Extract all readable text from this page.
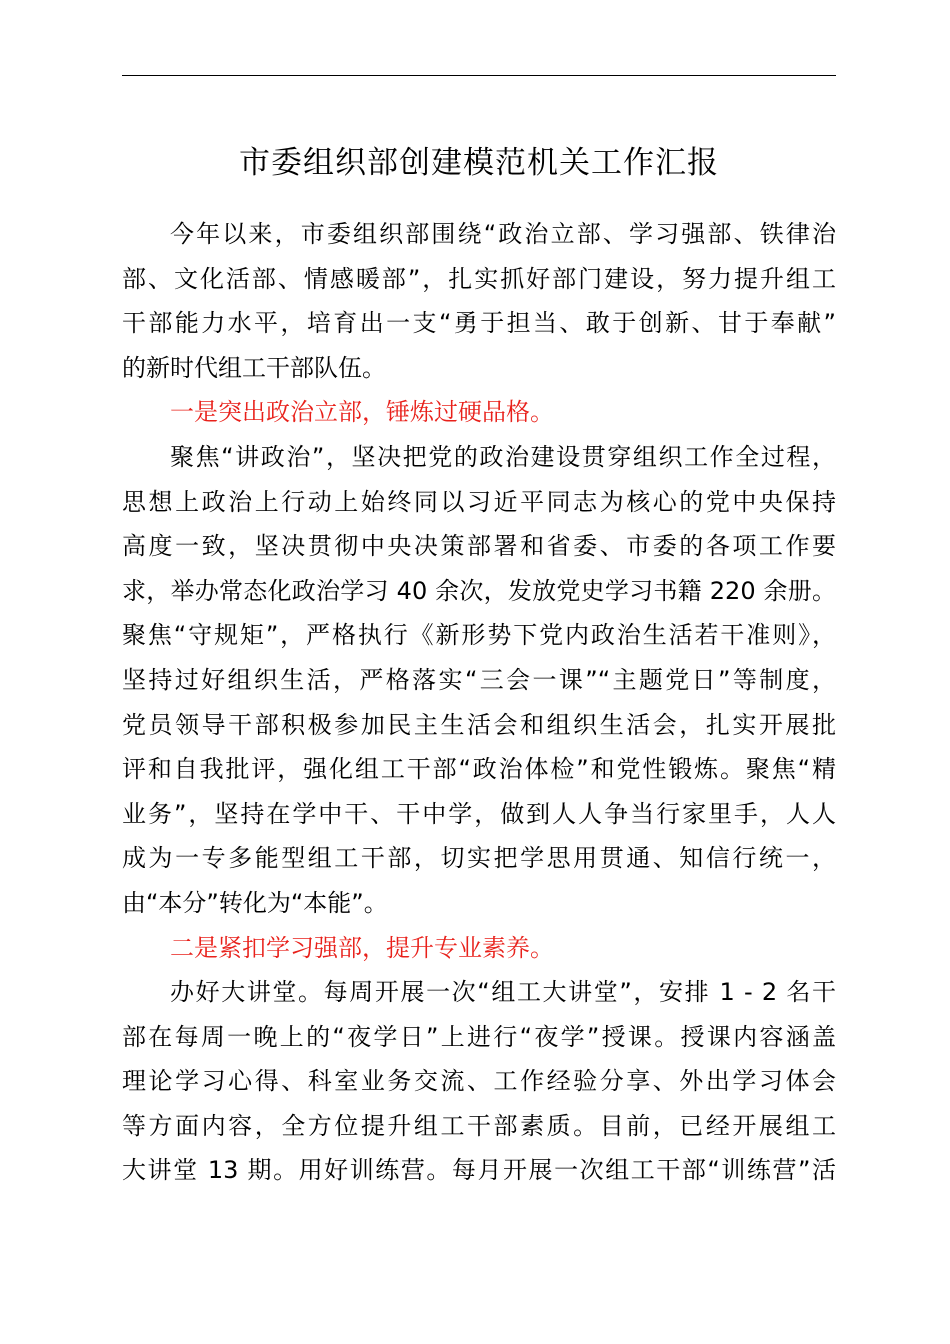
市委组织部创建模范机关工作汇报
今年以来，市委组织部围绕“政治立部、学习强部、铁律治
部、文化活部、情感暖部”，扎实抓好部门建设，努力提升组工
干部能力水平，培育出一支“勇于担当、敢于创新、甘于奉献”
的新时代组工干部队伍。
一是突出政治立部，锤炼过硬品格。
聚焦“讲政治”，坚决把党的政治建设贯穿组织工作全过程，
思想上政治上行动上始终同以习近平同志为核心的党中央保持
高度一致，坚决贯彻中央决策部署和省委、市委的各项工作要
求，举办常态化政治学习 40 余次，发放党史学习书籍 220 余册。
聚焦“守规矩”，严格执行《新形势下党内政治生活若干准则》，
坚持过好组织生活，严格落实“三会一课”“主题党日”等制度，
党员领导干部积极参加民主生活会和组织生活会，扎实开展批
评和自我批评，强化组工干部“政治体检”和党性锻炼。聚焦“精
业务”，坚持在学中干、干中学，做到人人争当行家里手，人人
成为一专多能型组工干部，切实把学思用贯通、知信行统一，
由“本分”转化为“本能”。
二是紧扣学习强部，提升专业素养。
办好大讲堂。每周开展一次“组工大讲堂”，安排 1 - 2 名干
部在每周一晚上的“夜学日”上进行“夜学”授课。授课内容涵盖
理论学习心得、科室业务交流、工作经验分享、外出学习体会
等方面内容，全方位提升组工干部素质。目前，已经开展组工
大讲堂 13 期。用好训练营。每月开展一次组工干部“训练营”活
